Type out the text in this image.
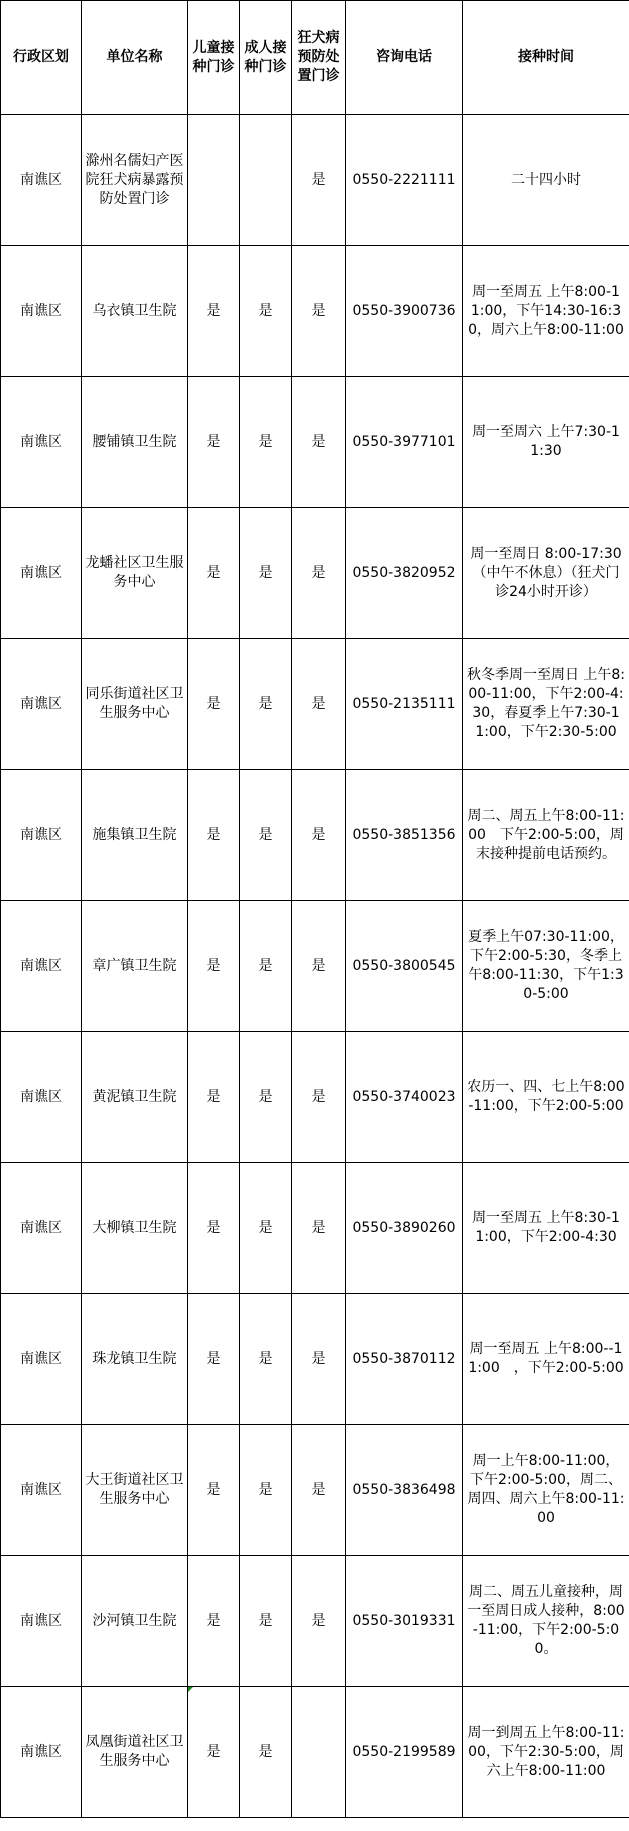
行政区划	单位名称	儿童接种门诊	成人接种门诊	狂犬病预防处置门诊	咨询电话	接种时间
南谯区	滁州名儒妇产医院狂犬病暴露预防处置门诊			是	0550-2221111	二十四小时
南谯区	乌衣镇卫生院	是	是	是	0550-3900736	周一至周五 上午8:00-11:00，下午14:30-16:30，周六上午8:00-11:00
南谯区	腰铺镇卫生院	是	是	是	0550-3977101	周一至周六 上午7:30-11:30
南谯区	龙蟠社区卫生服务中心	是	是	是	0550-3820952	周一至周日 8:00-17:30（中午不休息）（狂犬门诊24小时开诊）
南谯区	同乐街道社区卫生服务中心	是	是	是	0550-2135111	秋冬季周一至周日 上午8:00-11:00，下午2:00-4:30，春夏季上午7:30-11:00，下午2:30-5:00
南谯区	施集镇卫生院	是	是	是	0550-3851356	周二、周五上午8:00-11:00　下午2:00-5:00，周末接种提前电话预约。
南谯区	章广镇卫生院	是	是	是	0550-3800545	夏季上午07:30-11:00，下午2:00-5:30，冬季上午8:00-11:30，下午1:30-5:00
南谯区	黄泥镇卫生院	是	是	是	0550-3740023	农历一、四、七上午8:00-11:00，下午2:00-5:00
南谯区	大柳镇卫生院	是	是	是	0550-3890260	周一至周五 上午8:30-11:00，下午2:00-4:30
南谯区	珠龙镇卫生院	是	是	是	0550-3870112	周一至周五 上午8:00--11:00　，下午2:00-5:00
南谯区	大王街道社区卫生服务中心	是	是	是	0550-3836498	周一上午8:00-11:00，下午2:00-5:00，周二、周四、周六上午8:00-11:00
南谯区	沙河镇卫生院	是	是	是	0550-3019331	周二、周五儿童接种，周一至周日成人接种，8:00-11:00，下午2:00-5:00。
南谯区	凤凰街道社区卫生服务中心	是	是		0550-2199589	周一到周五上午8:00-11:00，下午2:30-5:00，周六上午8:00-11:00
